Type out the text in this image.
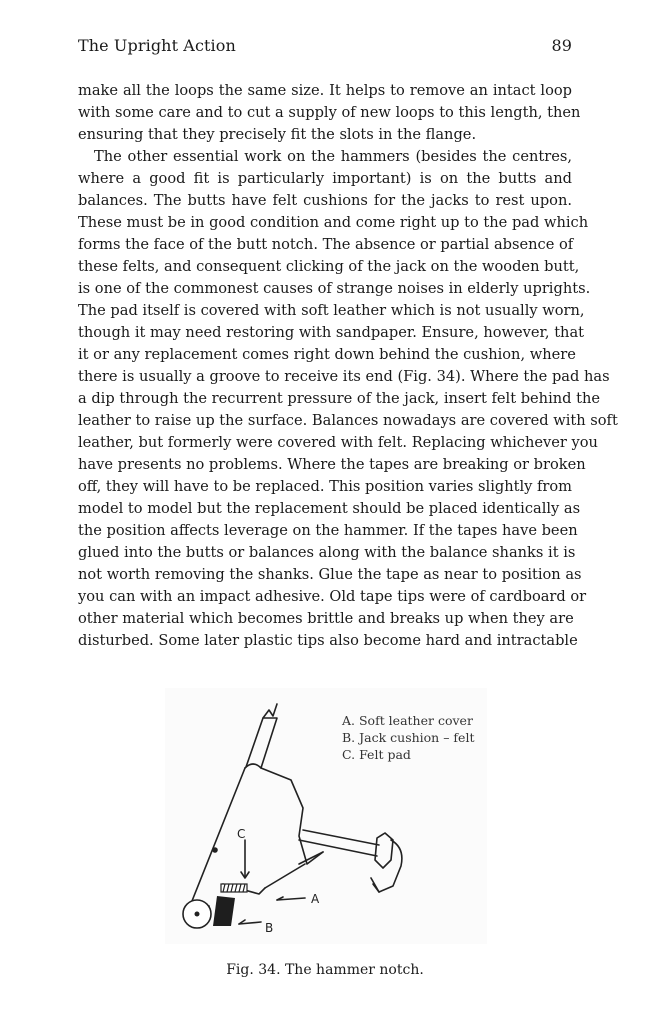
The Upright Action	89
make all the loops the same size. It helps to remove an intact loop
with some care and to cut a supply of new loops to this length, then
ensuring that they precisely fit the slots in the flange.
The other essential work on the hammers (besides the centres,
where a good fit is particularly important) is on the butts and
balances. The butts have felt cushions for the jacks to rest upon.
These must be in good condition and come right up to the pad which
forms the face of the butt notch. The absence or partial absence of
these felts, and consequent clicking of the jack on the wooden butt,
is one of the commonest causes of strange noises in elderly uprights.
The pad itself is covered with soft leather which is not usually worn,
though it may need restoring with sandpaper. Ensure, however, that
it or any replacement comes right down behind the cushion, where
there is usually a groove to receive its end (Fig. 34). Where the pad has
a dip through the recurrent pressure of the jack, insert felt behind the
leather to raise up the surface. Balances nowadays are covered with soft
leather, but formerly were covered with felt. Replacing whichever you
have presents no problems. Where the tapes are breaking or broken
off, they will have to be replaced. This position varies slightly from
model to model but the replacement should be placed identically as
the position affects leverage on the hammer. If the tapes have been
glued into the butts or balances along with the balance shanks it is
not worth removing the shanks. Glue the tape as near to position as
you can with an impact adhesive. Old tape tips were of cardboard or
other material which becomes brittle and breaks up when they are
disturbed. Some later plastic tips also become hard and intractable
C
A
B
A. Soft leather cover
B. Jack cushion – felt
C. Felt pad
Fig. 34. The hammer notch.
